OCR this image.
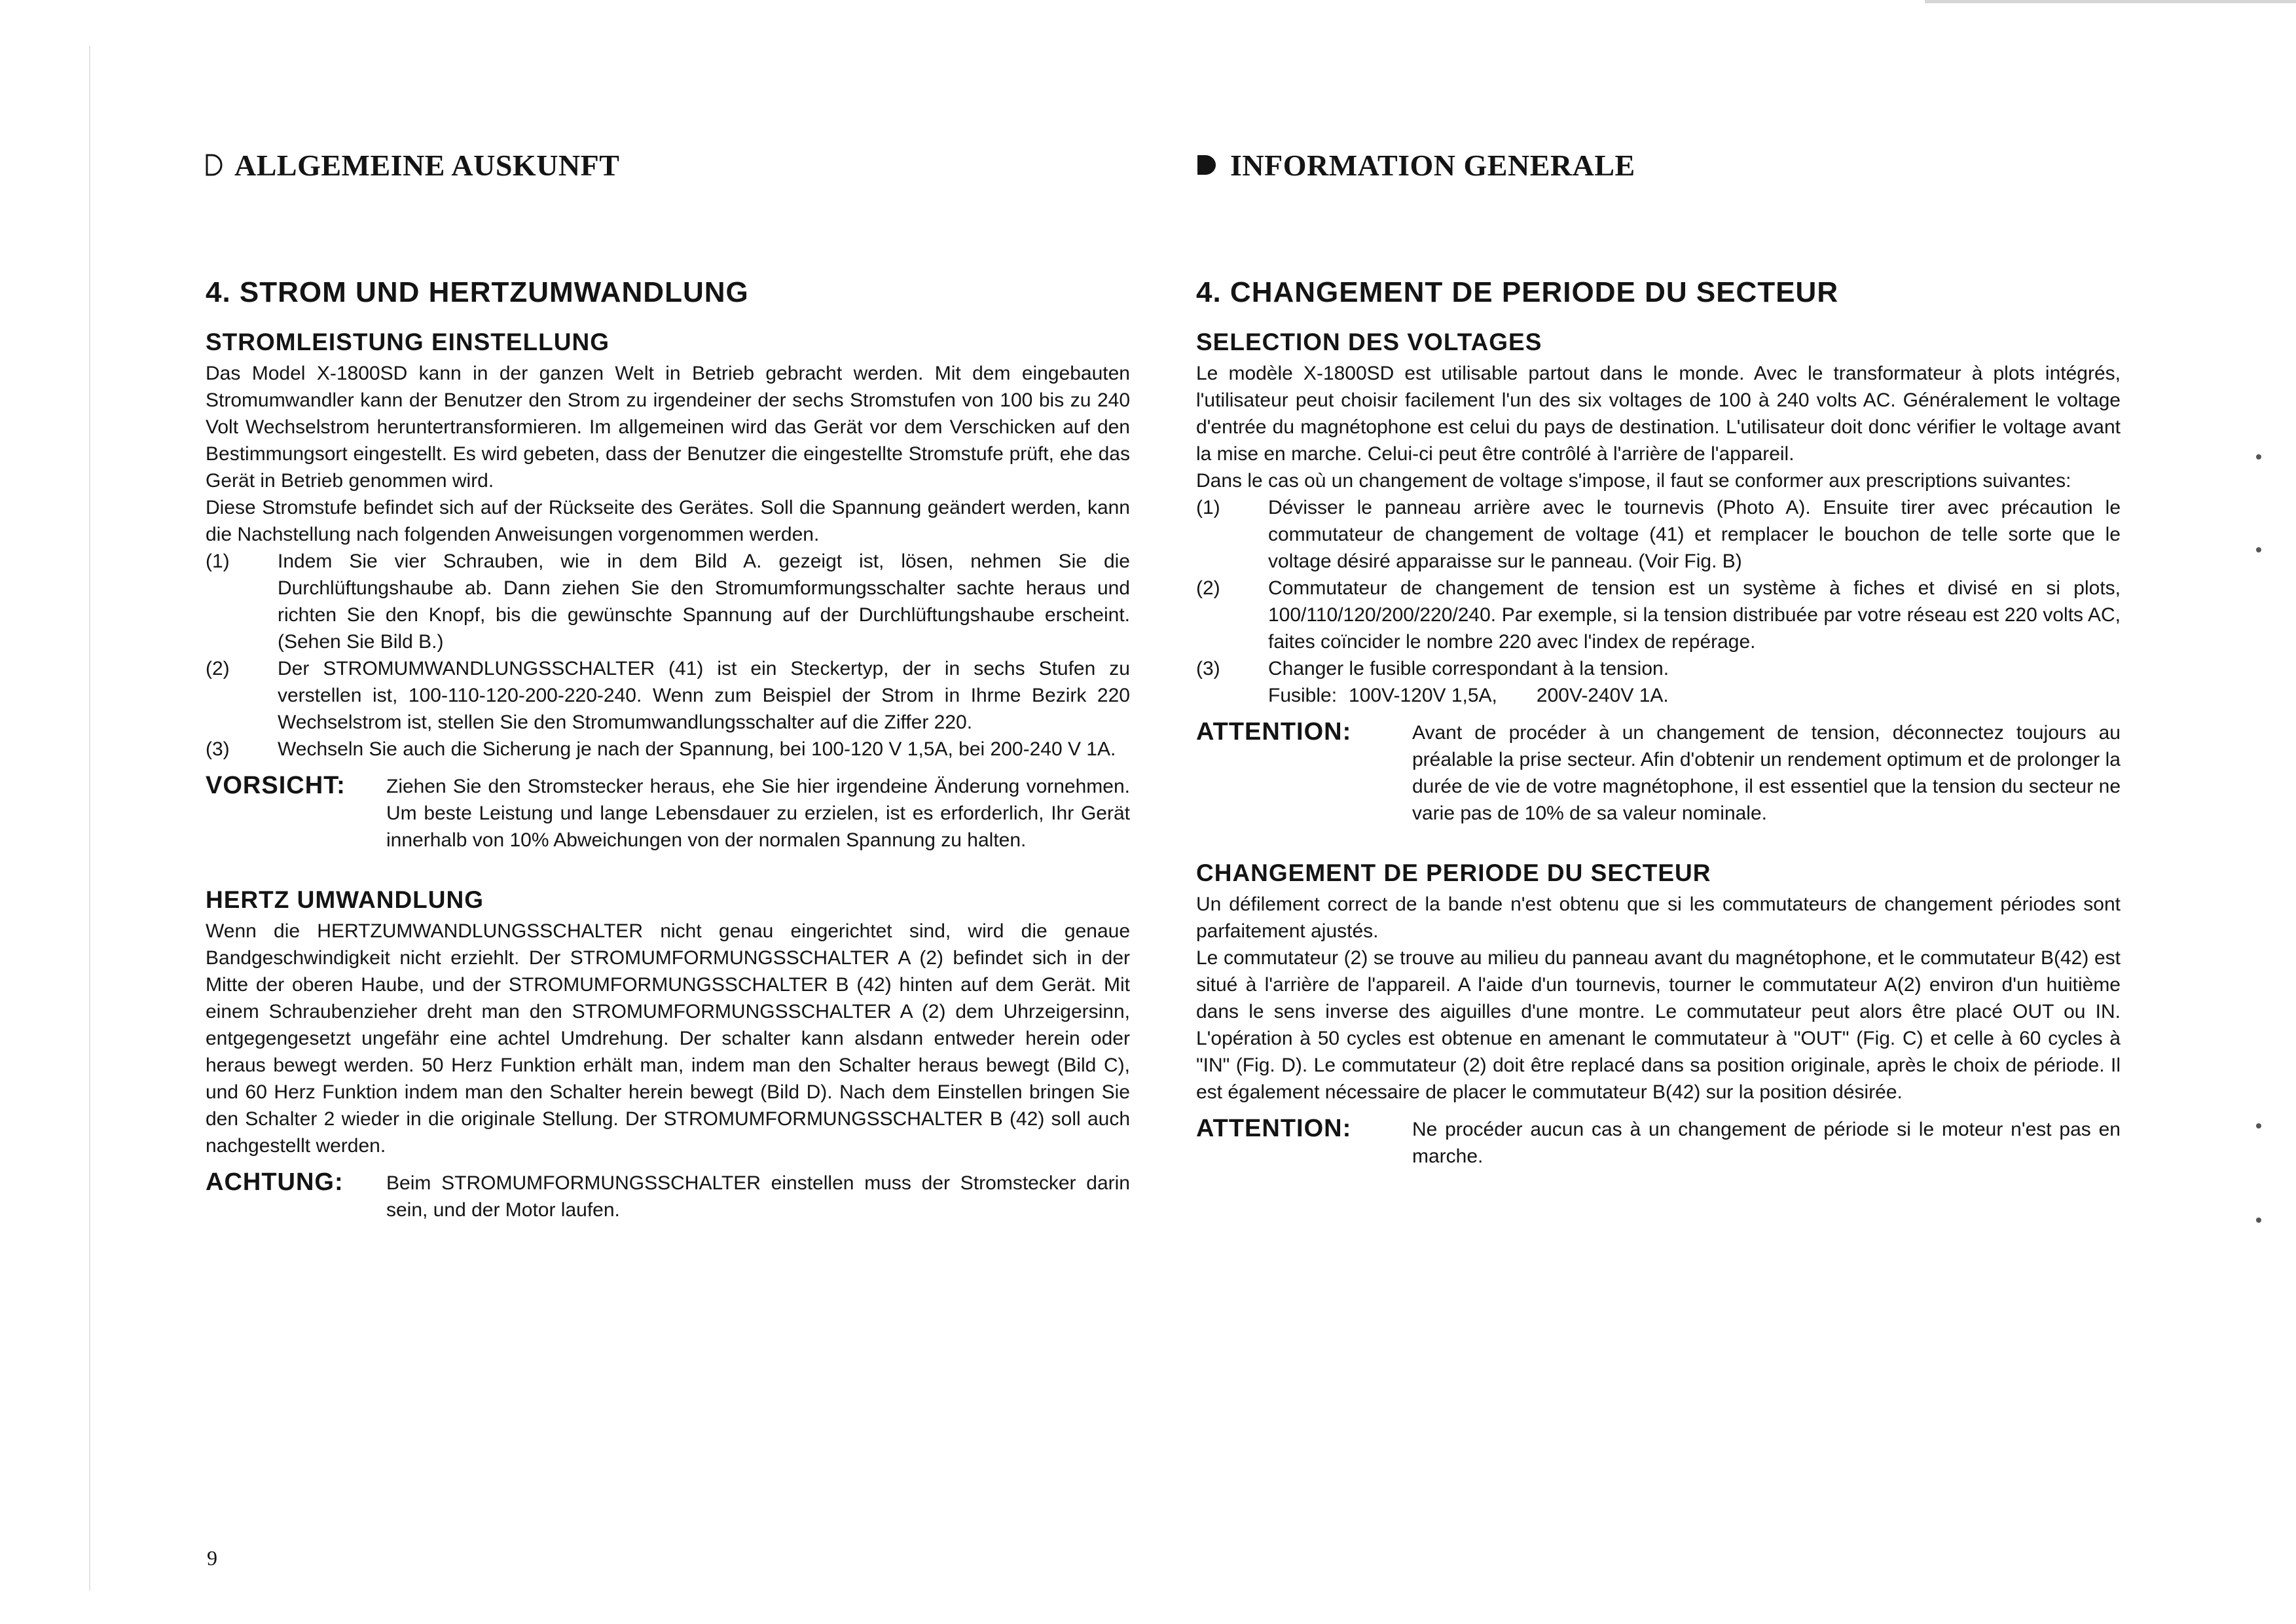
ALLGEMEINE AUSKUNFT
4. STROM UND HERTZUMWANDLUNG
STROMLEISTUNG EINSTELLUNG

Das Model X-1800SD kann in der ganzen Welt in Betrieb gebracht werden. Mit dem eingebauten Stromumwandler kann der Benutzer den Strom zu irgendeiner der sechs Stromstufen von 100 bis zu 240 Volt Wechselstrom heruntertransformieren. Im allgemeinen wird das Gerät vor dem Verschicken auf den Bestimmungsort eingestellt. Es wird gebeten, dass der Benutzer die eingestellte Stromstufe prüft, ehe das Gerät in Betrieb genommen wird.

Diese Stromstufe befindet sich auf der Rückseite des Gerätes. Soll die Spannung geändert werden, kann die Nachstellung nach folgenden Anweisungen vorgenommen werden.

(1)	Indem Sie vier Schrauben, wie in dem Bild A. gezeigt ist, lösen, nehmen Sie die Durchlüftungshaube ab. Dann ziehen Sie den Stromumformungsschalter sachte heraus und richten Sie den Knopf, bis die gewünschte Spannung auf der Durchlüftungshaube erscheint. (Sehen Sie Bild B.)
(2)	Der STROMUMWANDLUNGSSCHALTER (41) ist ein Steckertyp, der in sechs Stufen zu verstellen ist, 100-110-120-200-220-240. Wenn zum Beispiel der Strom in Ihrme Bezirk 220 Wechselstrom ist, stellen Sie den Stromumwandlungsschalter auf die Ziffer 220.
(3)	Wechseln Sie auch die Sicherung je nach der Spannung, bei 100-120 V 1,5A, bei 200-240 V 1A.
VORSICHT:	Ziehen Sie den Stromstecker heraus, ehe Sie hier irgendeine Änderung vornehmen. Um beste Leistung und lange Lebensdauer zu erzielen, ist es erforderlich, Ihr Gerät innerhalb von 10% Abweichungen von der normalen Spannung zu halten.
HERTZ UMWANDLUNG

Wenn die HERTZUMWANDLUNGSSCHALTER nicht genau eingerichtet sind, wird die genaue Bandgeschwindigkeit nicht erziehlt. Der STROMUMFORMUNGSSCHALTER A (2) befindet sich in der Mitte der oberen Haube, und der STROMUMFORMUNGSSCHALTER B (42) hinten auf dem Gerät. Mit einem Schraubenzieher dreht man den STROMUMFORMUNGSSCHALTER A (2) dem Uhrzeigersinn, entgegengesetzt ungefähr eine achtel Umdrehung. Der schalter kann alsdann entweder herein oder heraus bewegt werden. 50 Herz Funktion erhält man, indem man den Schalter heraus bewegt (Bild C), und 60 Herz Funktion indem man den Schalter herein bewegt (Bild D). Nach dem Einstellen bringen Sie den Schalter 2 wieder in die originale Stellung. Der STROMUMFORMUNGSSCHALTER B (42) soll auch nachgestellt werden.

ACHTUNG:	Beim STROMUMFORMUNGSSCHALTER einstellen muss der Stromstecker darin sein, und der Motor laufen.
INFORMATION GENERALE
4. CHANGEMENT DE PERIODE DU SECTEUR
SELECTION DES VOLTAGES

Le modèle X-1800SD est utilisable partout dans le monde. Avec le transformateur à plots intégrés, l'utilisateur peut choisir facilement l'un des six voltages de 100 à 240 volts AC. Généralement le voltage d'entrée du magnétophone est celui du pays de destination. L'utilisateur doit donc vérifier le voltage avant la mise en marche. Celui-ci peut être contrôlé à l'arrière de l'appareil.

Dans le cas où un changement de voltage s'impose, il faut se conformer aux prescriptions suivantes:

(1)	Dévisser le panneau arrière avec le tournevis (Photo A). Ensuite tirer avec précaution le commutateur de changement de voltage (41) et remplacer le bouchon de telle sorte que le voltage désiré apparaisse sur le panneau. (Voir Fig. B)
(2)	Commutateur de changement de tension est un système à fiches et divisé en si plots, 100/110/120/200/220/240. Par exemple, si la tension distribuée par votre réseau est 220 volts AC, faites coïncider le nombre 220 avec l'index de repérage.
(3)	Changer le fusible correspondant à la tension.
Fusible: 100V-120V 1,5A, 200V-240V 1A.
ATTENTION:	Avant de procéder à un changement de tension, déconnectez toujours au préalable la prise secteur. Afin d'obtenir un rendement optimum et de prolonger la durée de vie de votre magnétophone, il est essentiel que la tension du secteur ne varie pas de 10% de sa valeur nominale.
CHANGEMENT DE PERIODE DU SECTEUR

Un défilement correct de la bande n'est obtenu que si les commutateurs de changement périodes sont parfaitement ajustés.

Le commutateur (2) se trouve au milieu du panneau avant du magnétophone, et le commutateur B(42) est situé à l'arrière de l'appareil. A l'aide d'un tournevis, tourner le commutateur A(2) environ d'un huitième dans le sens inverse des aiguilles d'une montre. Le commutateur peut alors être placé OUT ou IN. L'opération à 50 cycles est obtenue en amenant le commutateur à "OUT" (Fig. C) et celle à 60 cycles à "IN" (Fig. D). Le commutateur (2) doit être replacé dans sa position originale, après le choix de période. Il est également nécessaire de placer le commutateur B(42) sur la position désirée.

ATTENTION:	Ne procéder aucun cas à un changement de période si le moteur n'est pas en marche.
9
